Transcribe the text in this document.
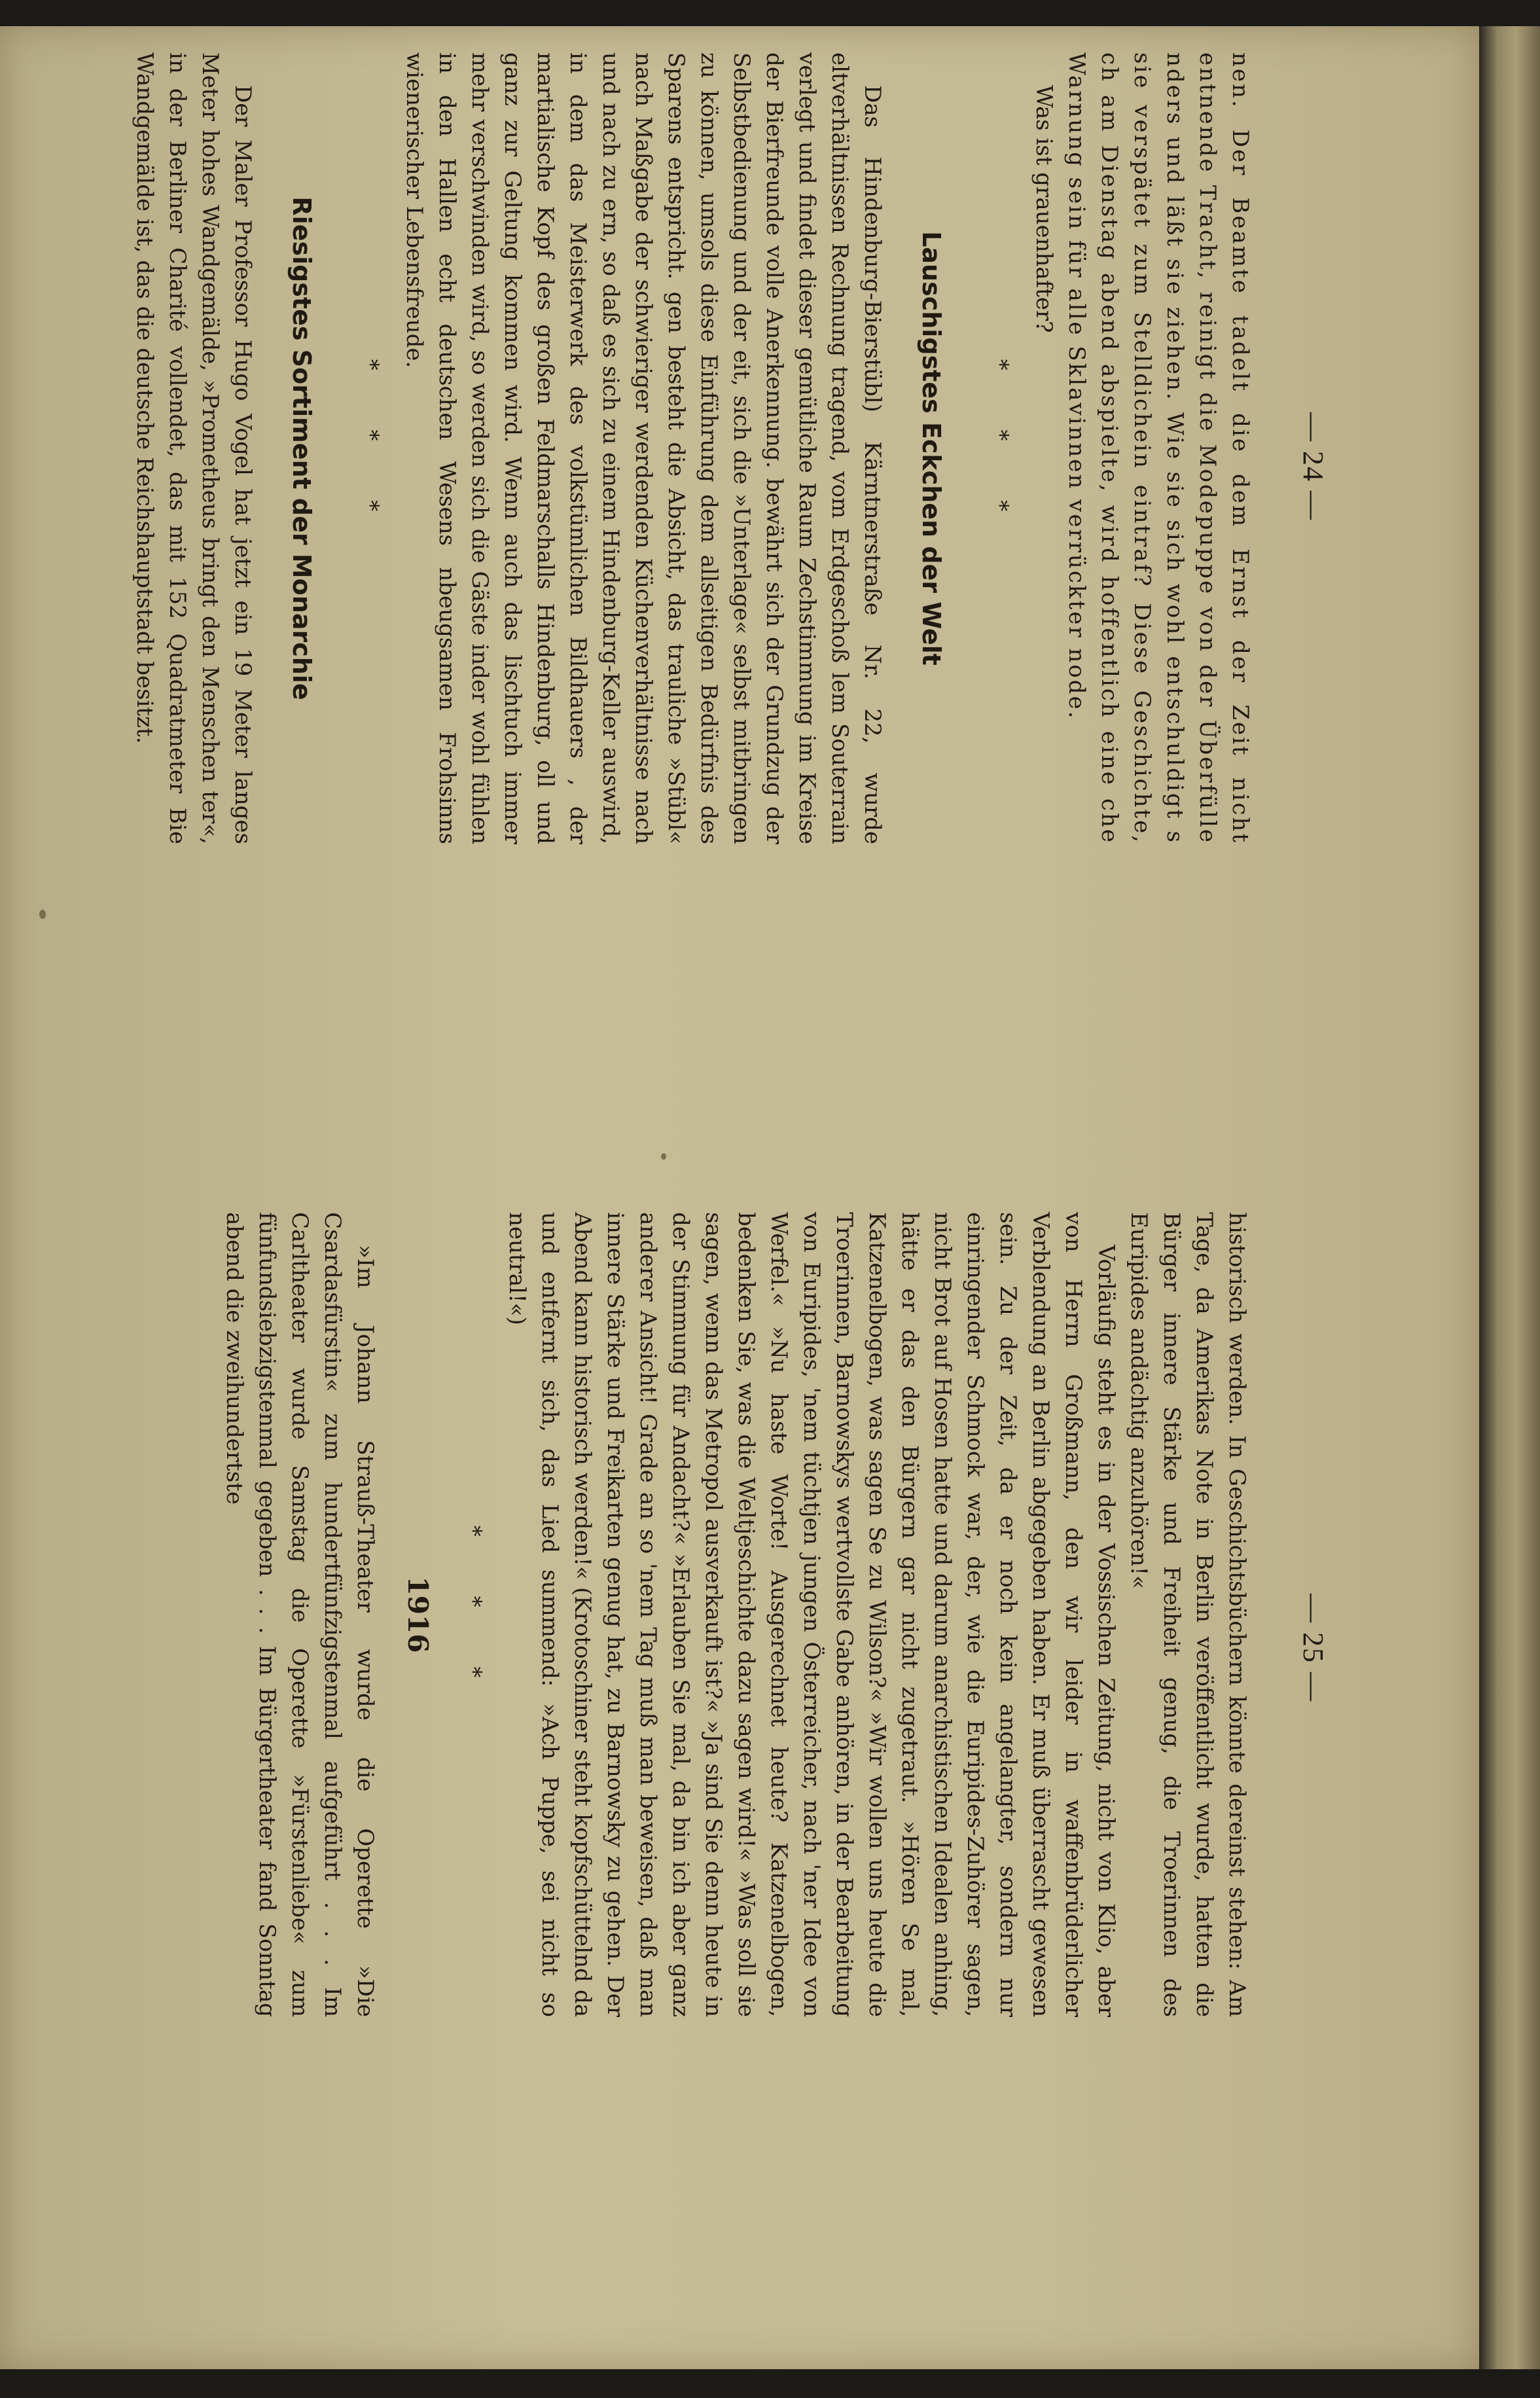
— 24 —

nen. Der Beamte tadelt die dem Ernst der Zeit nicht entnende Tracht, reinigt die Modepuppe von der Überfülle nders und läßt sie ziehen. Wie sie sich wohl entschuldigt s sie verspätet zum Stelldichein eintraf? Diese Geschichte, ch am Dienstag abend abspielte, wird hoffentlich eine che Warnung sein für alle Sklavinnen verrückter node.

Was ist grauenhafter?

* * *
Lauschigstes Eckchen der Welt

Das Hindenburg-Bierstübl) Kärntnerstraße Nr. 22, wurde eltverhältnissen Rechnung tragend, vom Erdgeschoß lem Souterrain verlegt und findet dieser gemütliche Raum Zechstimmung im Kreise der Bierfreunde volle Anerkennung. bewährt sich der Grundzug der Selbstbedienung und der eit, sich die »Unterlage« selbst mitbringen zu können, umsols diese Einführung dem allseitigen Bedürfnis des Sparens entspricht. gen besteht die Absicht, das trauliche »Stübl« nach Maßgabe der schwieriger werdenden Küchenverhältnisse nach und nach zu ern, so daß es sich zu einem Hindenburg-Keller auswird, in dem das Meisterwerk des volkstümlichen Bildhauers , der martialische Kopf des großen Feldmarschalls Hindenburg, oll und ganz zur Geltung kommen wird. Wenn auch das lischtuch immer mehr verschwinden wird, so werden sich die Gäste inder wohl fühlen in den Hallen echt deutschen Wesens nbeugsamen Frohsinns wienerischer Lebensfreude.

* * *
Riesigstes Sortiment der Monarchie

Der Maler Professor Hugo Vogel hat jetzt ein 19 Meter langes Meter hohes Wandgemälde, »Prometheus bringt den Menschen ter«, in der Berliner Charité vollendet, das mit 152 Quadratmeter Bie Wandgemälde ist, das die deutsche Reichshauptstadt besitzt.

— 25 —

historisch werden. In Geschichtsbüchern könnte dereinst stehen: Am Tage, da Amerikas Note in Berlin veröffentlicht wurde, hatten die Bürger innere Stärke und Freiheit genug, die Troerinnen des Euripides andächtig anzuhören!«

Vorläufig steht es in der Vossischen Zeitung, nicht von Klio, aber von Herrn Großmann, den wir leider in waffenbrüderlicher Verblendung an Berlin abgegeben haben. Er muß überrascht gewesen sein. Zu der Zeit, da er noch kein angelangter, sondern nur einringender Schmock war, der, wie die Euripides-Zuhörer sagen, nicht Brot auf Hosen hatte und darum anarchistischen Idealen anhing, hätte er das den Bürgern gar nicht zugetraut. »Hören Se mal, Katzenelbogen, was sagen Se zu Wilson?« »Wir wollen uns heute die Troerinnen, Barnowskys wertvollste Gabe anhören, in der Bearbeitung von Euripides, 'nem tüchtjen jungen Österreicher, nach 'ner Idee von Werfel.« »Nu haste Worte! Ausgerechnet heute? Katzenelbogen, bedenken Sie, was die Weltjeschichte dazu sagen wird!« »Was soll sie sagen, wenn das Metropol ausverkauft ist?« »Ja sind Sie denn heute in der Stimmung für Andacht?« »Erlauben Sie mal, da bin ich aber ganz anderer Ansicht! Grade an so 'nem Tag muß man beweisen, daß man innere Stärke und Freikarten genug hat, zu Barnowsky zu gehen. Der Abend kann historisch werden!« (Krotoschiner steht kopfschüttelnd da und entfernt sich, das Lied summend: »Ach Puppe, sei nicht so neutral!«)

* * *
1916

»Im Johann Strauß-Theater wurde die Operette »Die Csardasfürstin« zum hundertfünfzigstenmal aufgeführt . . . Im Carltheater wurde Samstag die Operette »Fürstenliebe« zum fünfundsiebzigstenmal gegeben . . . Im Bürgertheater fand Sonntag abend die zweihundertste
